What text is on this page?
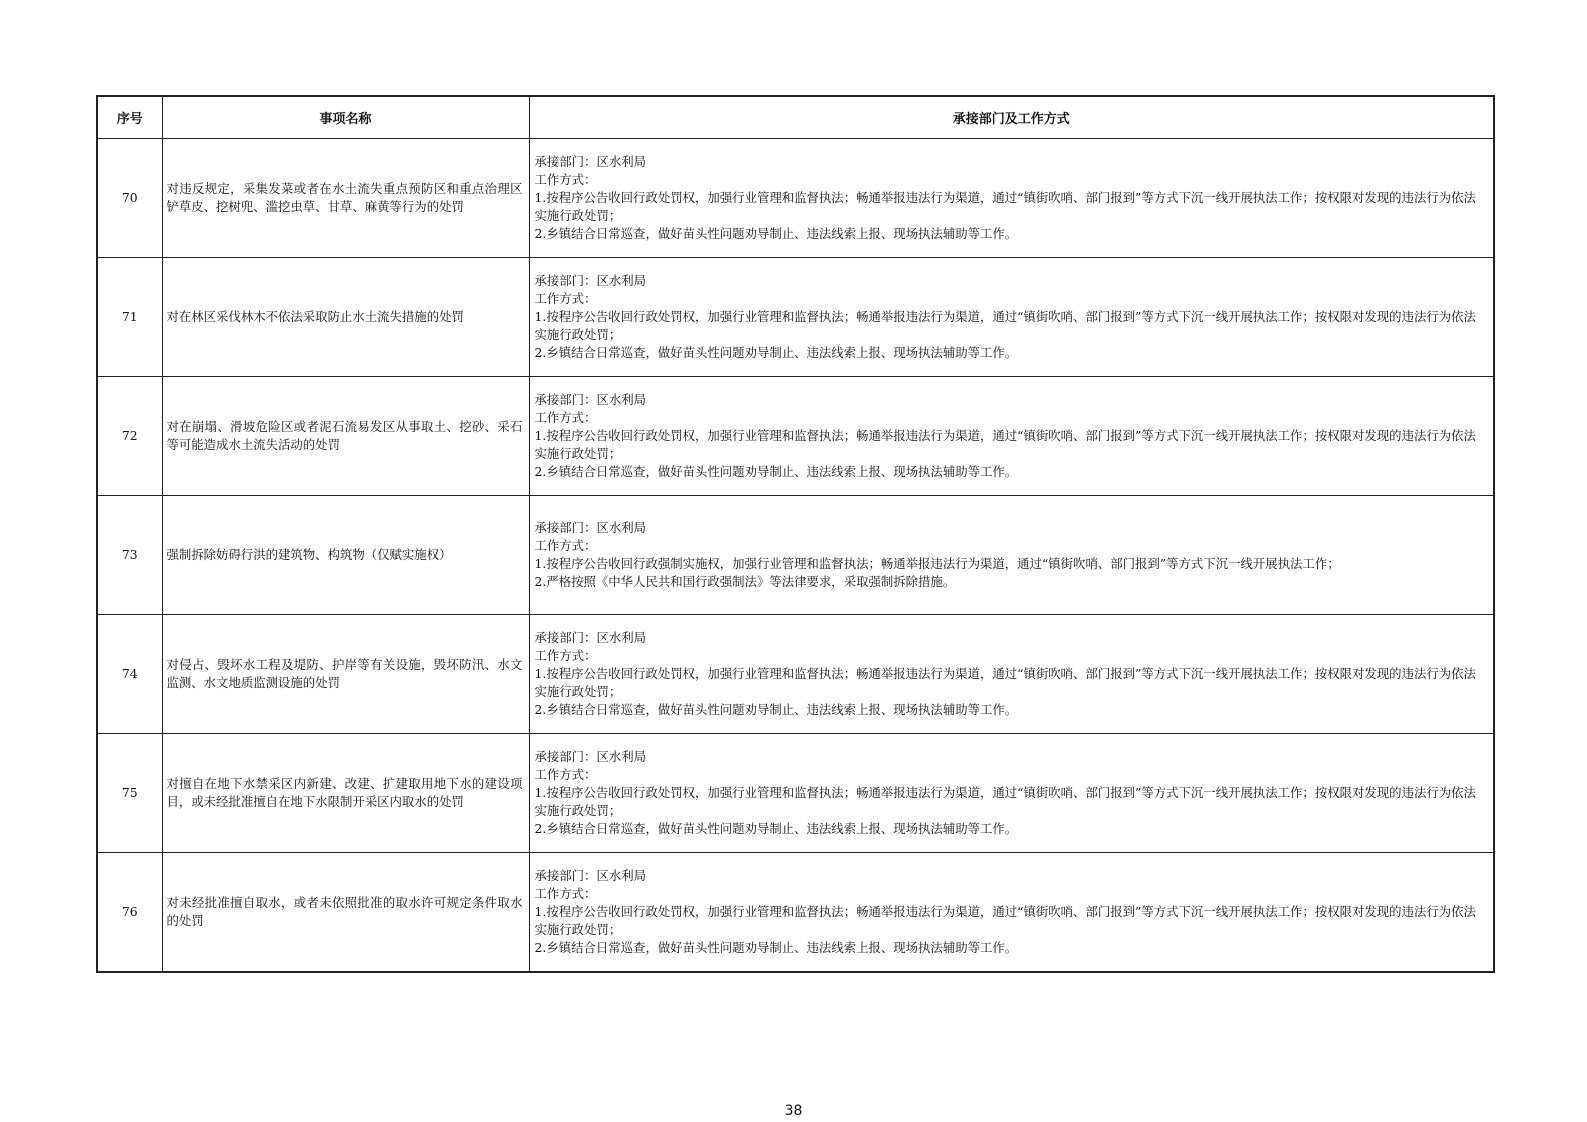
序号	事项名称	承接部门及工作方式
70	对违反规定，采集发菜或者在水土流失重点预防区和重点治理区铲草皮、挖树兜、滥挖虫草、甘草、麻黄等行为的处罚	承接部门：区水利局
工作方式：
1.按程序公告收回行政处罚权，加强行业管理和监督执法；畅通举报违法行为渠道，通过“镇街吹哨、部门报到”等方式下沉一线开展执法工作；按权限对发现的违法行为依法实施行政处罚；
2.乡镇结合日常巡查，做好苗头性问题劝导制止、违法线索上报、现场执法辅助等工作。

71	对在林区采伐林木不依法采取防止水土流失措施的处罚	承接部门：区水利局
工作方式：
1.按程序公告收回行政处罚权，加强行业管理和监督执法；畅通举报违法行为渠道，通过“镇街吹哨、部门报到”等方式下沉一线开展执法工作；按权限对发现的违法行为依法实施行政处罚；
2.乡镇结合日常巡查，做好苗头性问题劝导制止、违法线索上报、现场执法辅助等工作。

72	对在崩塌、滑坡危险区或者泥石流易发区从事取土、挖砂、采石等可能造成水土流失活动的处罚	承接部门：区水利局
工作方式：
1.按程序公告收回行政处罚权，加强行业管理和监督执法；畅通举报违法行为渠道，通过“镇街吹哨、部门报到”等方式下沉一线开展执法工作；按权限对发现的违法行为依法实施行政处罚；
2.乡镇结合日常巡查，做好苗头性问题劝导制止、违法线索上报、现场执法辅助等工作。

73	强制拆除妨碍行洪的建筑物、构筑物（仅赋实施权）	承接部门：区水利局
工作方式：
1.按程序公告收回行政强制实施权，加强行业管理和监督执法；畅通举报违法行为渠道，通过“镇街吹哨、部门报到”等方式下沉一线开展执法工作；
2.严格按照《中华人民共和国行政强制法》等法律要求，采取强制拆除措施。

74	对侵占、毁坏水工程及堤防、护岸等有关设施，毁坏防汛、水文监测、水文地质监测设施的处罚	承接部门：区水利局
工作方式：
1.按程序公告收回行政处罚权，加强行业管理和监督执法；畅通举报违法行为渠道，通过“镇街吹哨、部门报到”等方式下沉一线开展执法工作；按权限对发现的违法行为依法实施行政处罚；
2.乡镇结合日常巡查，做好苗头性问题劝导制止、违法线索上报、现场执法辅助等工作。

75	对擅自在地下水禁采区内新建、改建、扩建取用地下水的建设项目，或未经批准擅自在地下水限制开采区内取水的处罚	承接部门：区水利局
工作方式：
1.按程序公告收回行政处罚权，加强行业管理和监督执法；畅通举报违法行为渠道，通过“镇街吹哨、部门报到”等方式下沉一线开展执法工作；按权限对发现的违法行为依法实施行政处罚；
2.乡镇结合日常巡查，做好苗头性问题劝导制止、违法线索上报、现场执法辅助等工作。

76	对未经批准擅自取水，或者未依照批准的取水许可规定条件取水的处罚	承接部门：区水利局
工作方式：
1.按程序公告收回行政处罚权，加强行业管理和监督执法；畅通举报违法行为渠道，通过“镇街吹哨、部门报到”等方式下沉一线开展执法工作；按权限对发现的违法行为依法实施行政处罚；
2.乡镇结合日常巡查，做好苗头性问题劝导制止、违法线索上报、现场执法辅助等工作。
38
